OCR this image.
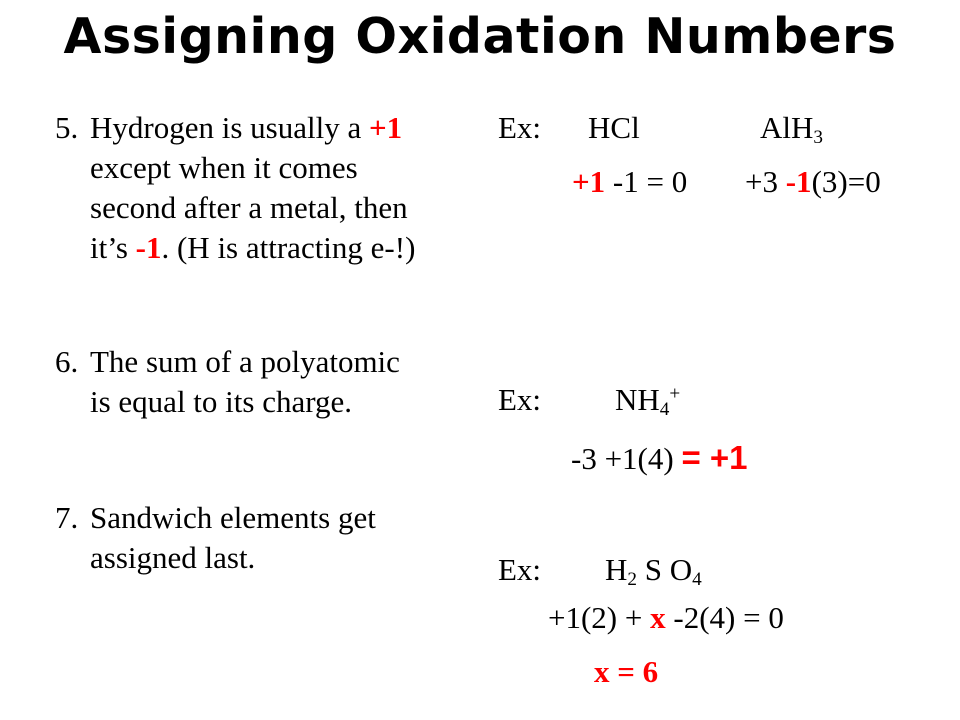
Assigning Oxidation Numbers
5. Hydrogen is usually a +1
except when it comes
second after a metal, then
it’s -1. (H is attracting e-!)
6. The sum of a polyatomic
is equal to its charge.
7. Sandwich elements get
assigned last.
Ex: HCl	AlH$_3$
+1 -1 = 0 +3 -1(3)=0
Ex: $NH_4^+$
-3 +1(4) = +1
Ex: $H_2$ S $O_4$
+1(2) + x -2(4) = 0
x = 6
